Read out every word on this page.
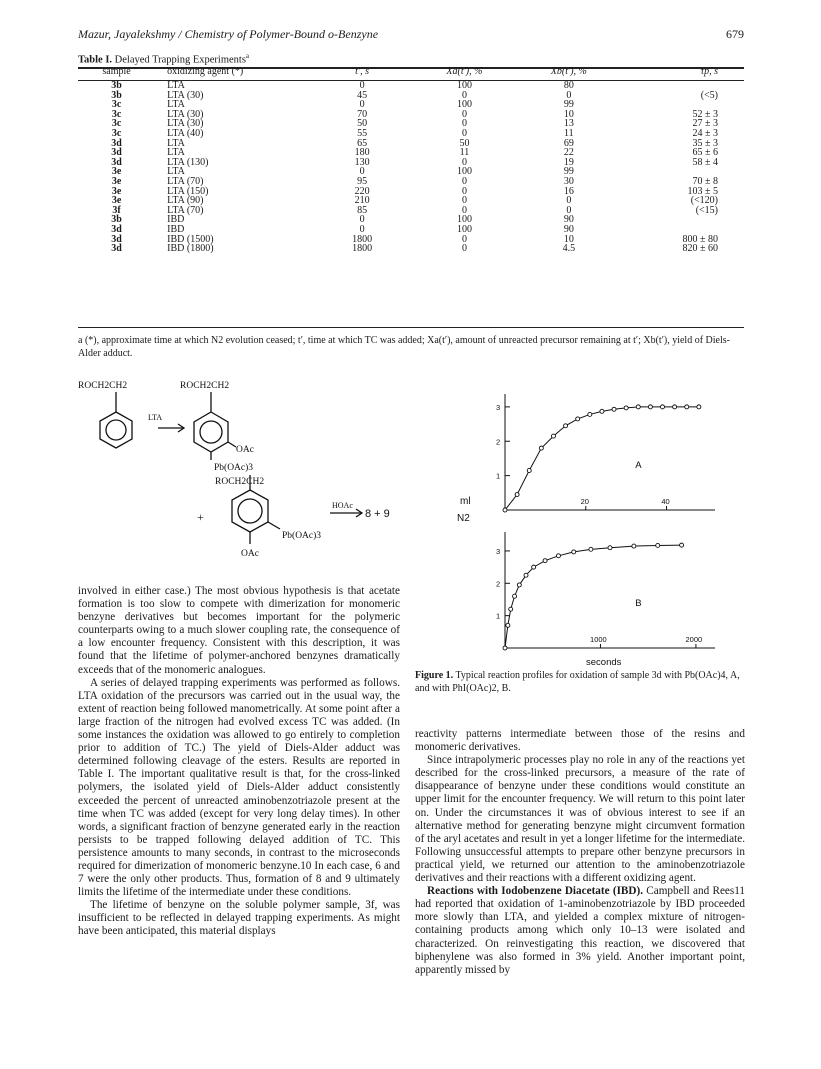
Mazur, Jayalekshmy / Chemistry of Polymer-Bound o-Benzyne	679
Table I. Delayed Trapping Experiments$^a$
sample	oxidizing agent (*)	t′, s	Xa(t′), %	Xb(t′), %	τp, s
3b	LTA	0	100	80	
3b	LTA (30)	45	0	0	(<5)
3c	LTA	0	100	99	
3c	LTA (30)	70	0	10	52 ± 3
3c	LTA (30)	50	0	13	27 ± 3
3c	LTA (40)	55	0	11	24 ± 3
3d	LTA	65	50	69	35 ± 3
3d	LTA	180	11	22	65 ± 6
3d	LTA (130)	130	0	19	58 ± 4
3e	LTA	0	100	99	
3e	LTA (70)	95	0	30	70 ± 8
3e	LTA (150)	220	0	16	103 ± 5
3e	LTA (90)	210	0	0	(<120)
3f	LTA (70)	85	0	0	(<15)
3b	IBD	0	100	90	
3d	IBD	0	100	90	
3d	IBD (1500)	1800	0	10	800 ± 80
3d	IBD (1800)	1800	0	4.5	820 ± 60
a (*), approximate time at which N2 evolution ceased; t′, time at which TC was added; Xa(t′), amount of unreacted precursor remaining at t′; Xb(t′), yield of Diels-Alder adduct.
ROCH2CH2
LTA
ROCH2CH2
OAc
Pb(OAc)3
ROCH2CH2
+
HOAc
8 + 9
Pb(OAc)3
OAc
1
2
3
20	40
A
1
2
3
1000	2000
B
ml
N2
seconds
Figure 1. Typical reaction profiles for oxidation of sample 3d with Pb(OAc)4, A, and with PhI(OAc)2, B.

involved in either case.) The most obvious hypothesis is that acetate formation is too slow to compete with dimerization for monomeric benzyne derivatives but becomes important for the polymeric counterparts owing to a much slower coupling rate, the consequence of a low encounter frequency. Consistent with this description, it was found that the lifetime of polymer-anchored benzynes dramatically exceeds that of the monomeric analogues.

A series of delayed trapping experiments was performed as follows. LTA oxidation of the precursors was carried out in the usual way, the extent of reaction being followed manometrically. At some point after a large fraction of the nitrogen had evolved excess TC was added. (In some instances the oxidation was allowed to go entirely to completion prior to addition of TC.) The yield of Diels-Alder adduct was determined following cleavage of the esters. Results are reported in Table I. The important qualitative result is that, for the cross-linked polymers, the isolated yield of Diels-Alder adduct consistently exceeded the percent of unreacted aminobenzotriazole present at the time when TC was added (except for very long delay times). In other words, a significant fraction of benzyne generated early in the reaction persists to be trapped following delayed addition of TC. This persistence amounts to many seconds, in contrast to the microseconds required for dimerization of monomeric benzyne.10 In each case, 6 and 7 were the only other products. Thus, formation of 8 and 9 ultimately limits the lifetime of the intermediate under these conditions.

The lifetime of benzyne on the soluble polymer sample, 3f, was insufficient to be reflected in delayed trapping experiments. As might have been anticipated, this material displays

reactivity patterns intermediate between those of the resins and monomeric derivatives.

Since intrapolymeric processes play no role in any of the reactions yet described for the cross-linked precursors, a measure of the rate of disappearance of benzyne under these conditions would constitute an upper limit for the encounter frequency. We will return to this point later on. Under the circumstances it was of obvious interest to see if an alternative method for generating benzyne might circumvent formation of the aryl acetates and result in yet a longer lifetime for the intermediate. Following unsuccessful attempts to prepare other benzyne precursors in practical yield, we returned our attention to the aminobenzotriazole derivatives and their reactions with a different oxidizing agent.

Reactions with Iodobenzene Diacetate (IBD). Campbell and Rees11 had reported that oxidation of 1-aminobenzotriazole by IBD proceeded more slowly than LTA, and yielded a complex mixture of nitrogen-containing products among which only 10–13 were isolated and characterized. On reinvestigating this reaction, we discovered that biphenylene was also formed in 3% yield. Another important point, apparently missed by
